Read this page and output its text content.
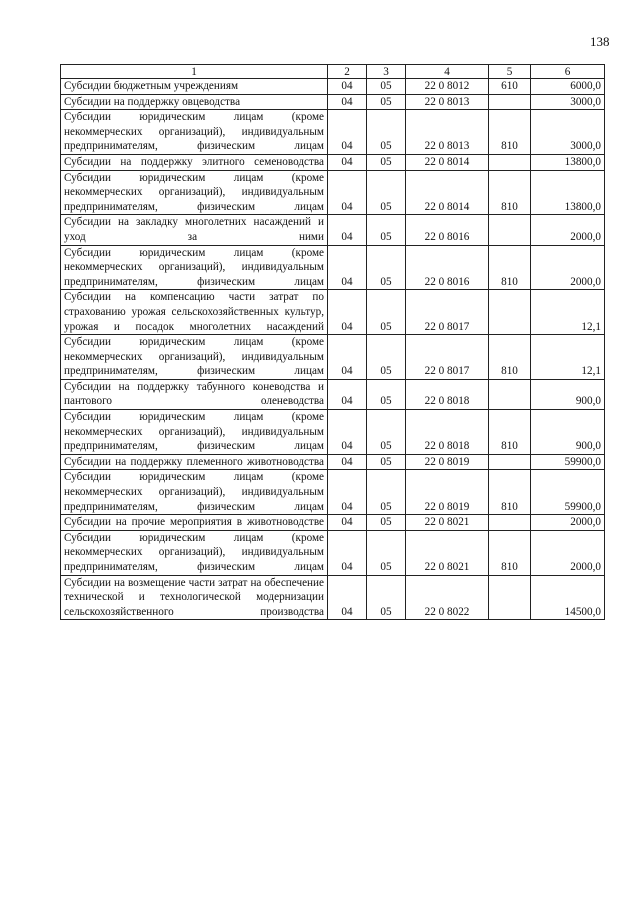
138
1	2	3	4	5	6
Субсидии бюджетным учреждениям	04	05	22 0 8012	610	6000,0
Субсидии на поддержку овцеводства	04	05	22 0 8013		3000,0
Субсидии юридическим лицам (кроме некоммерческих организаций), индивидуальным предпринимателям, физическим лицам	04	05	22 0 8013	810	3000,0
Субсидии на поддержку элитного семеноводства	04	05	22 0 8014		13800,0
Субсидии юридическим лицам (кроме некоммерческих организаций), индивидуальным предпринимателям, физическим лицам	04	05	22 0 8014	810	13800,0
Субсидии на закладку многолетних насаждений и уход за ними	04	05	22 0 8016		2000,0
Субсидии юридическим лицам (кроме некоммерческих организаций), индивидуальным предпринимателям, физическим лицам	04	05	22 0 8016	810	2000,0
Субсидии на компенсацию части затрат по страхованию урожая сельскохозяйственных культур, урожая и посадок многолетних насаждений	04	05	22 0 8017		12,1
Субсидии юридическим лицам (кроме некоммерческих организаций), индивидуальным предпринимателям, физическим лицам	04	05	22 0 8017	810	12,1
Субсидии на поддержку табунного коневодства и пантового оленеводства	04	05	22 0 8018		900,0
Субсидии юридическим лицам (кроме некоммерческих организаций), индивидуальным предпринимателям, физическим лицам	04	05	22 0 8018	810	900,0
Субсидии на поддержку племенного животноводства	04	05	22 0 8019		59900,0
Субсидии юридическим лицам (кроме некоммерческих организаций), индивидуальным предпринимателям, физическим лицам	04	05	22 0 8019	810	59900,0
Субсидии на прочие мероприятия в животноводстве	04	05	22 0 8021		2000,0
Субсидии юридическим лицам (кроме некоммерческих организаций), индивидуальным предпринимателям, физическим лицам	04	05	22 0 8021	810	2000,0
Субсидии на возмещение части затрат на обеспечение технической и технологической модернизации сельскохозяйственного производства	04	05	22 0 8022		14500,0
